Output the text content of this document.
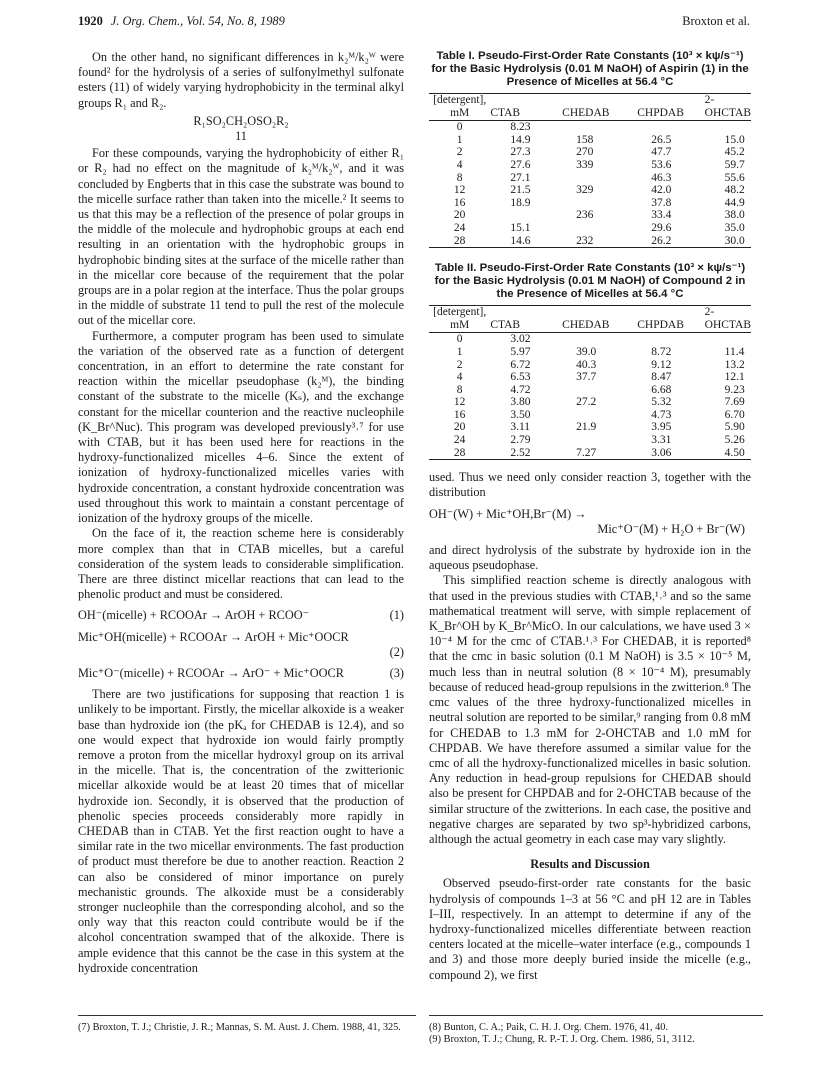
1920 J. Org. Chem., Vol. 54, No. 8, 1989	Broxton et al.

On the other hand, no significant differences in k₂ᴹ/k₂ᵂ were found² for the hydrolysis of a series of sulfonylmethyl sulfonate esters (11) of widely varying hydrophobicity in the terminal alkyl groups R₁ and R₂.

R₁SO₂CH₂OSO₂R₂
11

For these compounds, varying the hydrophobicity of either R₁ or R₂ had no effect on the magnitude of k₂ᴹ/k₂ᵂ, and it was concluded by Engberts that in this case the substrate was bound to the micelle surface rather than taken into the micelle.² It seems to us that this may be a reflection of the presence of polar groups in the middle of the molecule and hydrophobic groups at each end resulting in an orientation with the hydrophobic groups in hydrophobic binding sites at the surface of the micelle rather than in the micellar core because of the requirement that the polar groups are in a polar region at the interface. Thus the polar groups in the middle of substrate 11 tend to pull the rest of the molecule out of the micellar core.

Furthermore, a computer program has been used to simulate the variation of the observed rate as a function of detergent concentration, in an effort to determine the rate constant for reaction within the micellar pseudophase (k₂ᴹ), the binding constant of the substrate to the micelle (Kₛ), and the exchange constant for the micellar counterion and the reactive nucleophile (K_Br^Nuc). This program was developed previously³˒⁷ for use with CTAB, but it has been used here for reactions in the hydroxy-functionalized micelles 4–6. Since the extent of ionization of hydroxy-functionalized micelles varies with hydroxide concentration, a constant hydroxide concentration was used throughout this work to maintain a constant percentage of ionization of the hydroxy groups of the micelle.

On the face of it, the reaction scheme here is considerably more complex than that in CTAB micelles, but a careful consideration of the system leads to considerable simplification. There are three distinct micellar reactions that can lead to the phenolic product and must be considered.

OH⁻(micelle) + RCOOAr → ArOH + RCOO⁻	(1)
Mic⁺OH(micelle) + RCOOAr → ArOH + Mic⁺OOCR
(2)
Mic⁺O⁻(micelle) + RCOOAr → ArO⁻ + Mic⁺OOCR	(3)

There are two justifications for supposing that reaction 1 is unlikely to be important. Firstly, the micellar alkoxide is a weaker base than hydroxide ion (the pKₐ for CHEDAB is 12.4), and so one would expect that hydroxide ion would fairly promptly remove a proton from the micellar hydroxyl group on its arrival in the micelle. That is, the concentration of the zwitterionic micellar alkoxide would be at least 20 times that of micellar hydroxide ion. Secondly, it is observed that the production of phenolic species proceeds considerably more rapidly in CHEDAB than in CTAB. Yet the first reaction ought to have a similar rate in the two micellar environments. The fast production of product must therefore be due to another reaction. Reaction 2 can also be considered of minor importance on purely mechanistic grounds. The alkoxide must be a considerably stronger nucleophile than the corresponding alcohol, and so the only way that this reacton could contribute would be if the alcohol concentration swamped that of the alkoxide. There is ample evidence that this cannot be the case in this system at the hydroxide concentration

Table I. Pseudo-First-Order Rate Constants (10³ × kψ/s⁻¹) for the Basic Hydrolysis (0.01 M NaOH) of Aspirin (1) in the Presence of Micelles at 56.4 °C

[detergent], mM	CTAB	CHEDAB	CHPDAB	2-OHCTAB
0	8.23			
1	14.9	158	26.5	15.0
2	27.3	270	47.7	45.2
4	27.6	339	53.6	59.7
8	27.1		46.3	55.6
12	21.5	329	42.0	48.2
16	18.9		37.8	44.9
20		236	33.4	38.0
24	15.1		29.6	35.0
28	14.6	232	26.2	30.0

Table II. Pseudo-First-Order Rate Constants (10³ × kψ/s⁻¹) for the Basic Hydrolysis (0.01 M NaOH) of Compound 2 in the Presence of Micelles at 56.4 °C

[detergent], mM	CTAB	CHEDAB	CHPDAB	2-OHCTAB
0	3.02			
1	5.97	39.0	8.72	11.4
2	6.72	40.3	9.12	13.2
4	6.53	37.7	8.47	12.1
8	4.72		6.68	9.23
12	3.80	27.2	5.32	7.69
16	3.50		4.73	6.70
20	3.11	21.9	3.95	5.90
24	2.79		3.31	5.26
28	2.52	7.27	3.06	4.50

used. Thus we need only consider reaction 3, together with the distribution

OH⁻(W) + Mic⁺OH,Br⁻(M) →
Mic⁺O⁻(M) + H₂O + Br⁻(W)

and direct hydrolysis of the substrate by hydroxide ion in the aqueous pseudophase.

This simplified reaction scheme is directly analogous with that used in the previous studies with CTAB,¹˒³ and so the same mathematical treatment will serve, with simple replacement of K_Br^OH by K_Br^MicO. In our calculations, we have used 3 × 10⁻⁴ M for the cmc of CTAB.¹˒³ For CHEDAB, it is reported⁸ that the cmc in basic solution (0.1 M NaOH) is 3.5 × 10⁻⁵ M, much less than in neutral solution (8 × 10⁻⁴ M), presumably because of reduced head-group repulsions in the zwitterion.⁸ The cmc values of the three hydroxy-functionalized micelles in neutral solution are reported to be similar,⁹ ranging from 0.8 mM for CHEDAB to 1.3 mM for 2-OHCTAB and 1.0 mM for CHPDAB. We have therefore assumed a similar value for the cmc of all the hydroxy-functionalized micelles in basic solution. Any reduction in head-group repulsions for CHEDAB should also be present for CHPDAB and for 2-OHCTAB because of the similar structure of the zwitterions. In each case, the positive and negative charges are separated by two sp³-hybridized carbons, although the actual geometry in each case may vary slightly.

Results and Discussion

Observed pseudo-first-order rate constants for the basic hydrolysis of compounds 1–3 at 56 °C and pH 12 are in Tables I–III, respectively. In an attempt to determine if any of the hydroxy-functionalized micelles differentiate between reaction centers located at the micelle–water interface (e.g., compounds 1 and 3) and those more deeply buried inside the micelle (e.g., compound 2), we first

(7) Broxton, T. J.; Christie, J. R.; Mannas, S. M. Aust. J. Chem. 1988, 41, 325.	(8) Bunton, C. A.; Paik, C. H. J. Org. Chem. 1976, 41, 40.
(9) Broxton, T. J.; Chung, R. P.-T. J. Org. Chem. 1986, 51, 3112.
